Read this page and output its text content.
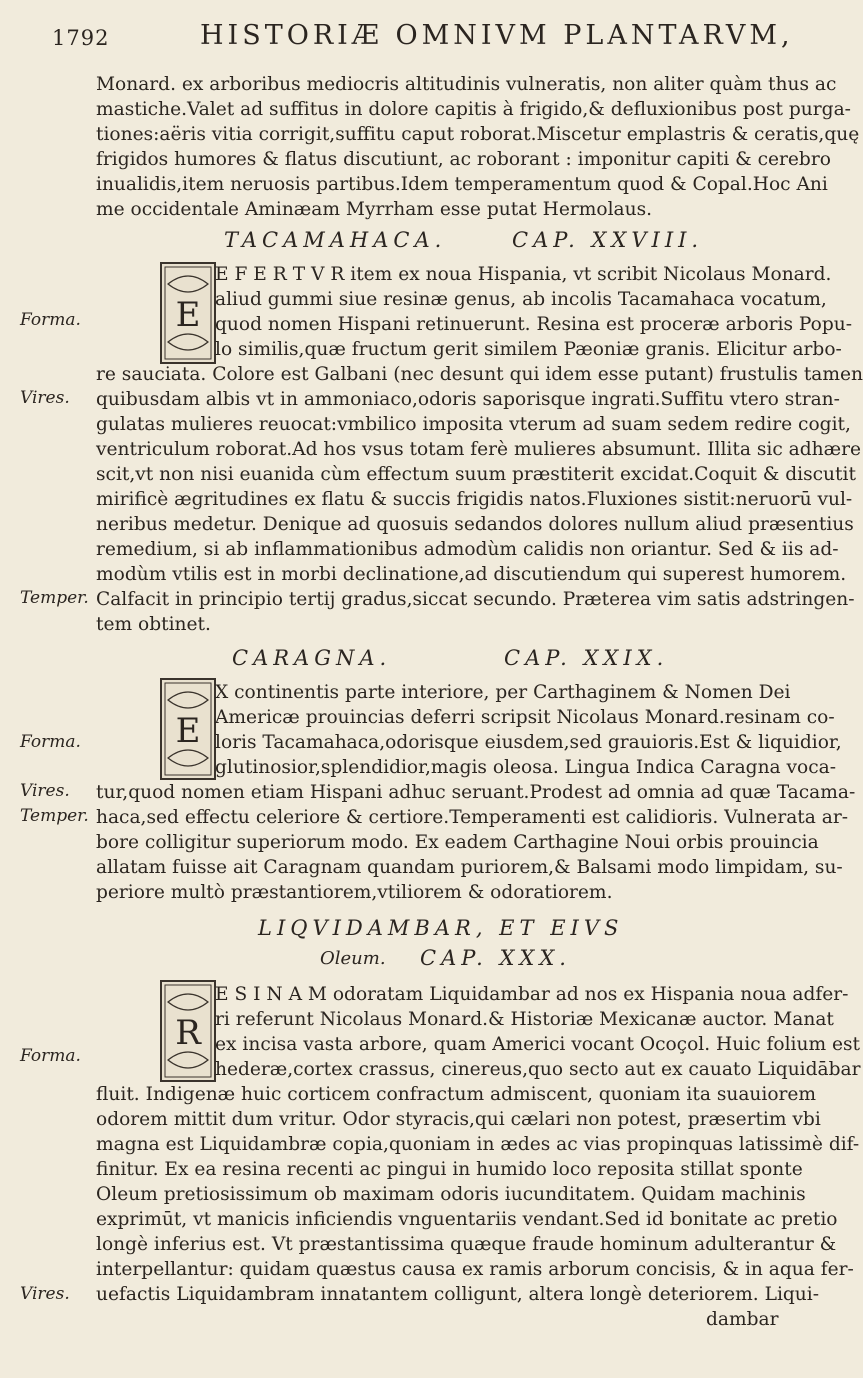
1792	HISTORIÆ OMNIVM PLANTARVM,
Monard. ex arboribus mediocris altitudinis vulneratis, non aliter quàm thus ac
mastiche.Valet ad suffitus in dolore capitis à frigido,& defluxionibus post purga-
tiones:aëris vitia corrigit,suffitu caput roborat.Miscetur emplastris & ceratis,quę
frigidos humores & flatus discutiunt, ac roborant : imponitur capiti & cerebro
inualidis,item neruosis partibus.Idem temperamentum quod & Copal.Hoc Ani
me occidentale Aminæam Myrrham esse putat Hermolaus.
TACAMAHACA.	CAP. XXVIII.
E
E F E R T V R item ex noua Hispania, vt scribit Nicolaus Monard.
aliud gummi siue resinæ genus, ab incolis Tacamahaca vocatum,
quod nomen Hispani retinuerunt. Resina est proceræ arboris Popu-
lo similis,quæ fructum gerit similem Pæoniæ granis. Elicitur arbo-
re sauciata. Colore est Galbani (nec desunt qui idem esse putant) frustulis tamen
quibusdam albis vt in ammoniaco,odoris saporisque ingrati.Suffitu vtero stran-
gulatas mulieres reuocat:vmbilico imposita vterum ad suam sedem redire cogit,
ventriculum roborat.Ad hos vsus totam ferè mulieres absumunt. Illita sic adhære
scit,vt non nisi euanida cùm effectum suum præstiterit excidat.Coquit & discutit
mirificè ægritudines ex flatu & succis frigidis natos.Fluxiones sistit:neruorū vul-
neribus medetur. Denique ad quosuis sedandos dolores nullum aliud præsentius
remedium, si ab inflammationibus admodùm calidis non oriantur. Sed & iis ad-
modùm vtilis est in morbi declinatione,ad discutiendum qui superest humorem.
Calfacit in principio tertij gradus,siccat secundo. Præterea vim satis adstringen-
tem obtinet.
Forma.
Vires.
Temper.
CARAGNA.	CAP. XXIX.
E
X continentis parte interiore, per Carthaginem & Nomen Dei
Americæ prouincias deferri scripsit Nicolaus Monard.resinam co-
loris Tacamahaca,odorisque eiusdem,sed grauioris.Est & liquidior,
glutinosior,splendidior,magis oleosa. Lingua Indica Caragna voca-
tur,quod nomen etiam Hispani adhuc seruant.Prodest ad omnia ad quæ Tacama-
haca,sed effectu celeriore & certiore.Temperamenti est calidioris. Vulnerata ar-
bore colligitur superiorum modo. Ex eadem Carthagine Noui orbis prouincia
allatam fuisse ait Caragnam quandam puriorem,& Balsami modo limpidam, su-
periore multò præstantiorem,vtiliorem & odoratiorem.
Forma.
Vires.
Temper.
LIQVIDAMBAR, ET EIVS
Oleum. CAP. XXX.
R
E S I N A M odoratam Liquidambar ad nos ex Hispania noua adfer-
ri referunt Nicolaus Monard.& Historiæ Mexicanæ auctor. Manat
ex incisa vasta arbore, quam Americi vocant Ocoçol. Huic folium est
hederæ,cortex crassus, cinereus,quo secto aut ex cauato Liquidābar
fluit. Indigenæ huic corticem confractum admiscent, quoniam ita suauiorem
odorem mittit dum vritur. Odor styracis,qui cælari non potest, præsertim vbi
magna est Liquidambræ copia,quoniam in ædes ac vias propinquas latissimè dif-
finitur. Ex ea resina recenti ac pingui in humido loco reposita stillat sponte
Oleum pretiosissimum ob maximam odoris iucunditatem. Quidam machinis
exprimūt, vt manicis inficiendis vnguentariis vendant.Sed id bonitate ac pretio
longè inferius est. Vt præstantissima quæque fraude hominum adulterantur &
interpellantur: quidam quæstus causa ex ramis arborum concisis, & in aqua fer-
uefactis Liquidambram innatantem colligunt, altera longè deteriorem. Liqui-
dambar
Forma.
Vires.
